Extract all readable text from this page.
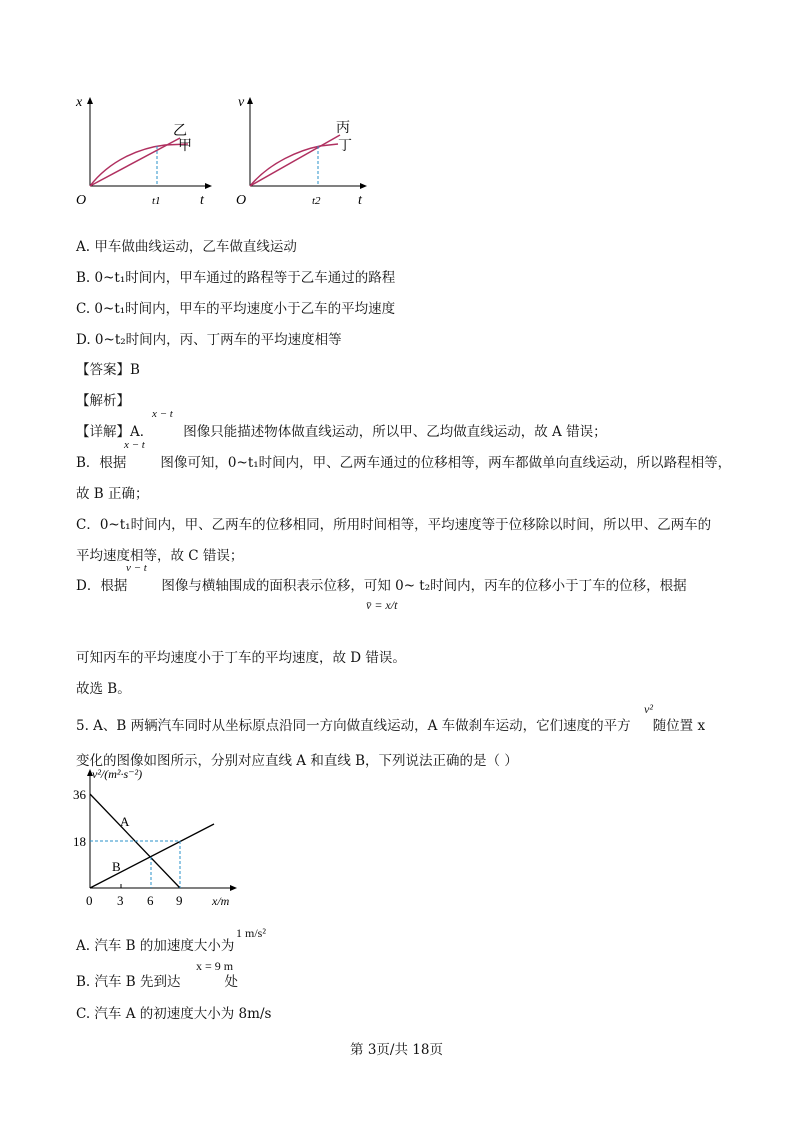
x
t
O	t1
乙
甲
v
t
O	t2
丙
丁
A. 甲车做曲线运动，乙车做直线运动
B. 0~t₁时间内，甲车通过的路程等于乙车通过的路程
C. 0~t₁时间内，甲车的平均速度小于乙车的平均速度
D. 0~t₂时间内，丙、丁两车的平均速度相等
【答案】B
【解析】
x − t
【详解】A． 图像只能描述物体做直线运动，所以甲、乙均做直线运动，故 A 错误；
x − t
B．根据	图像可知，0~t₁时间内，甲、乙两车通过的位移相等，两车都做单向直线运动，所以路程相等，
故 B 正确；
C．0~t₁时间内，甲、乙两车的位移相同，所用时间相等，平均速度等于位移除以时间，所以甲、乙两车的
平均速度相等，故 C 错误；
v − t
D．根据	图像与横轴围成的面积表示位移，可知 0~ t₂时间内，丙车的位移小于丁车的位移，根据
v̄ = x/t
可知丙车的平均速度小于丁车的平均速度，故 D 错误。
故选 B。
v²
5. A、B 两辆汽车同时从坐标原点沿同一方向做直线运动，A 车做刹车运动，它们速度的平方 随位置 x
变化的图像如图所示，分别对应直线 A 和直线 B，下列说法正确的是（ ）
v²/(m²·s⁻²)
x/m
36
18
0 3 6 9
A
B
1 m/s²
A. 汽车 B 的加速度大小为
x = 9 m
B. 汽车 B 先到达	处
C. 汽车 A 的初速度大小为 8m/s
第 3页/共 18页
